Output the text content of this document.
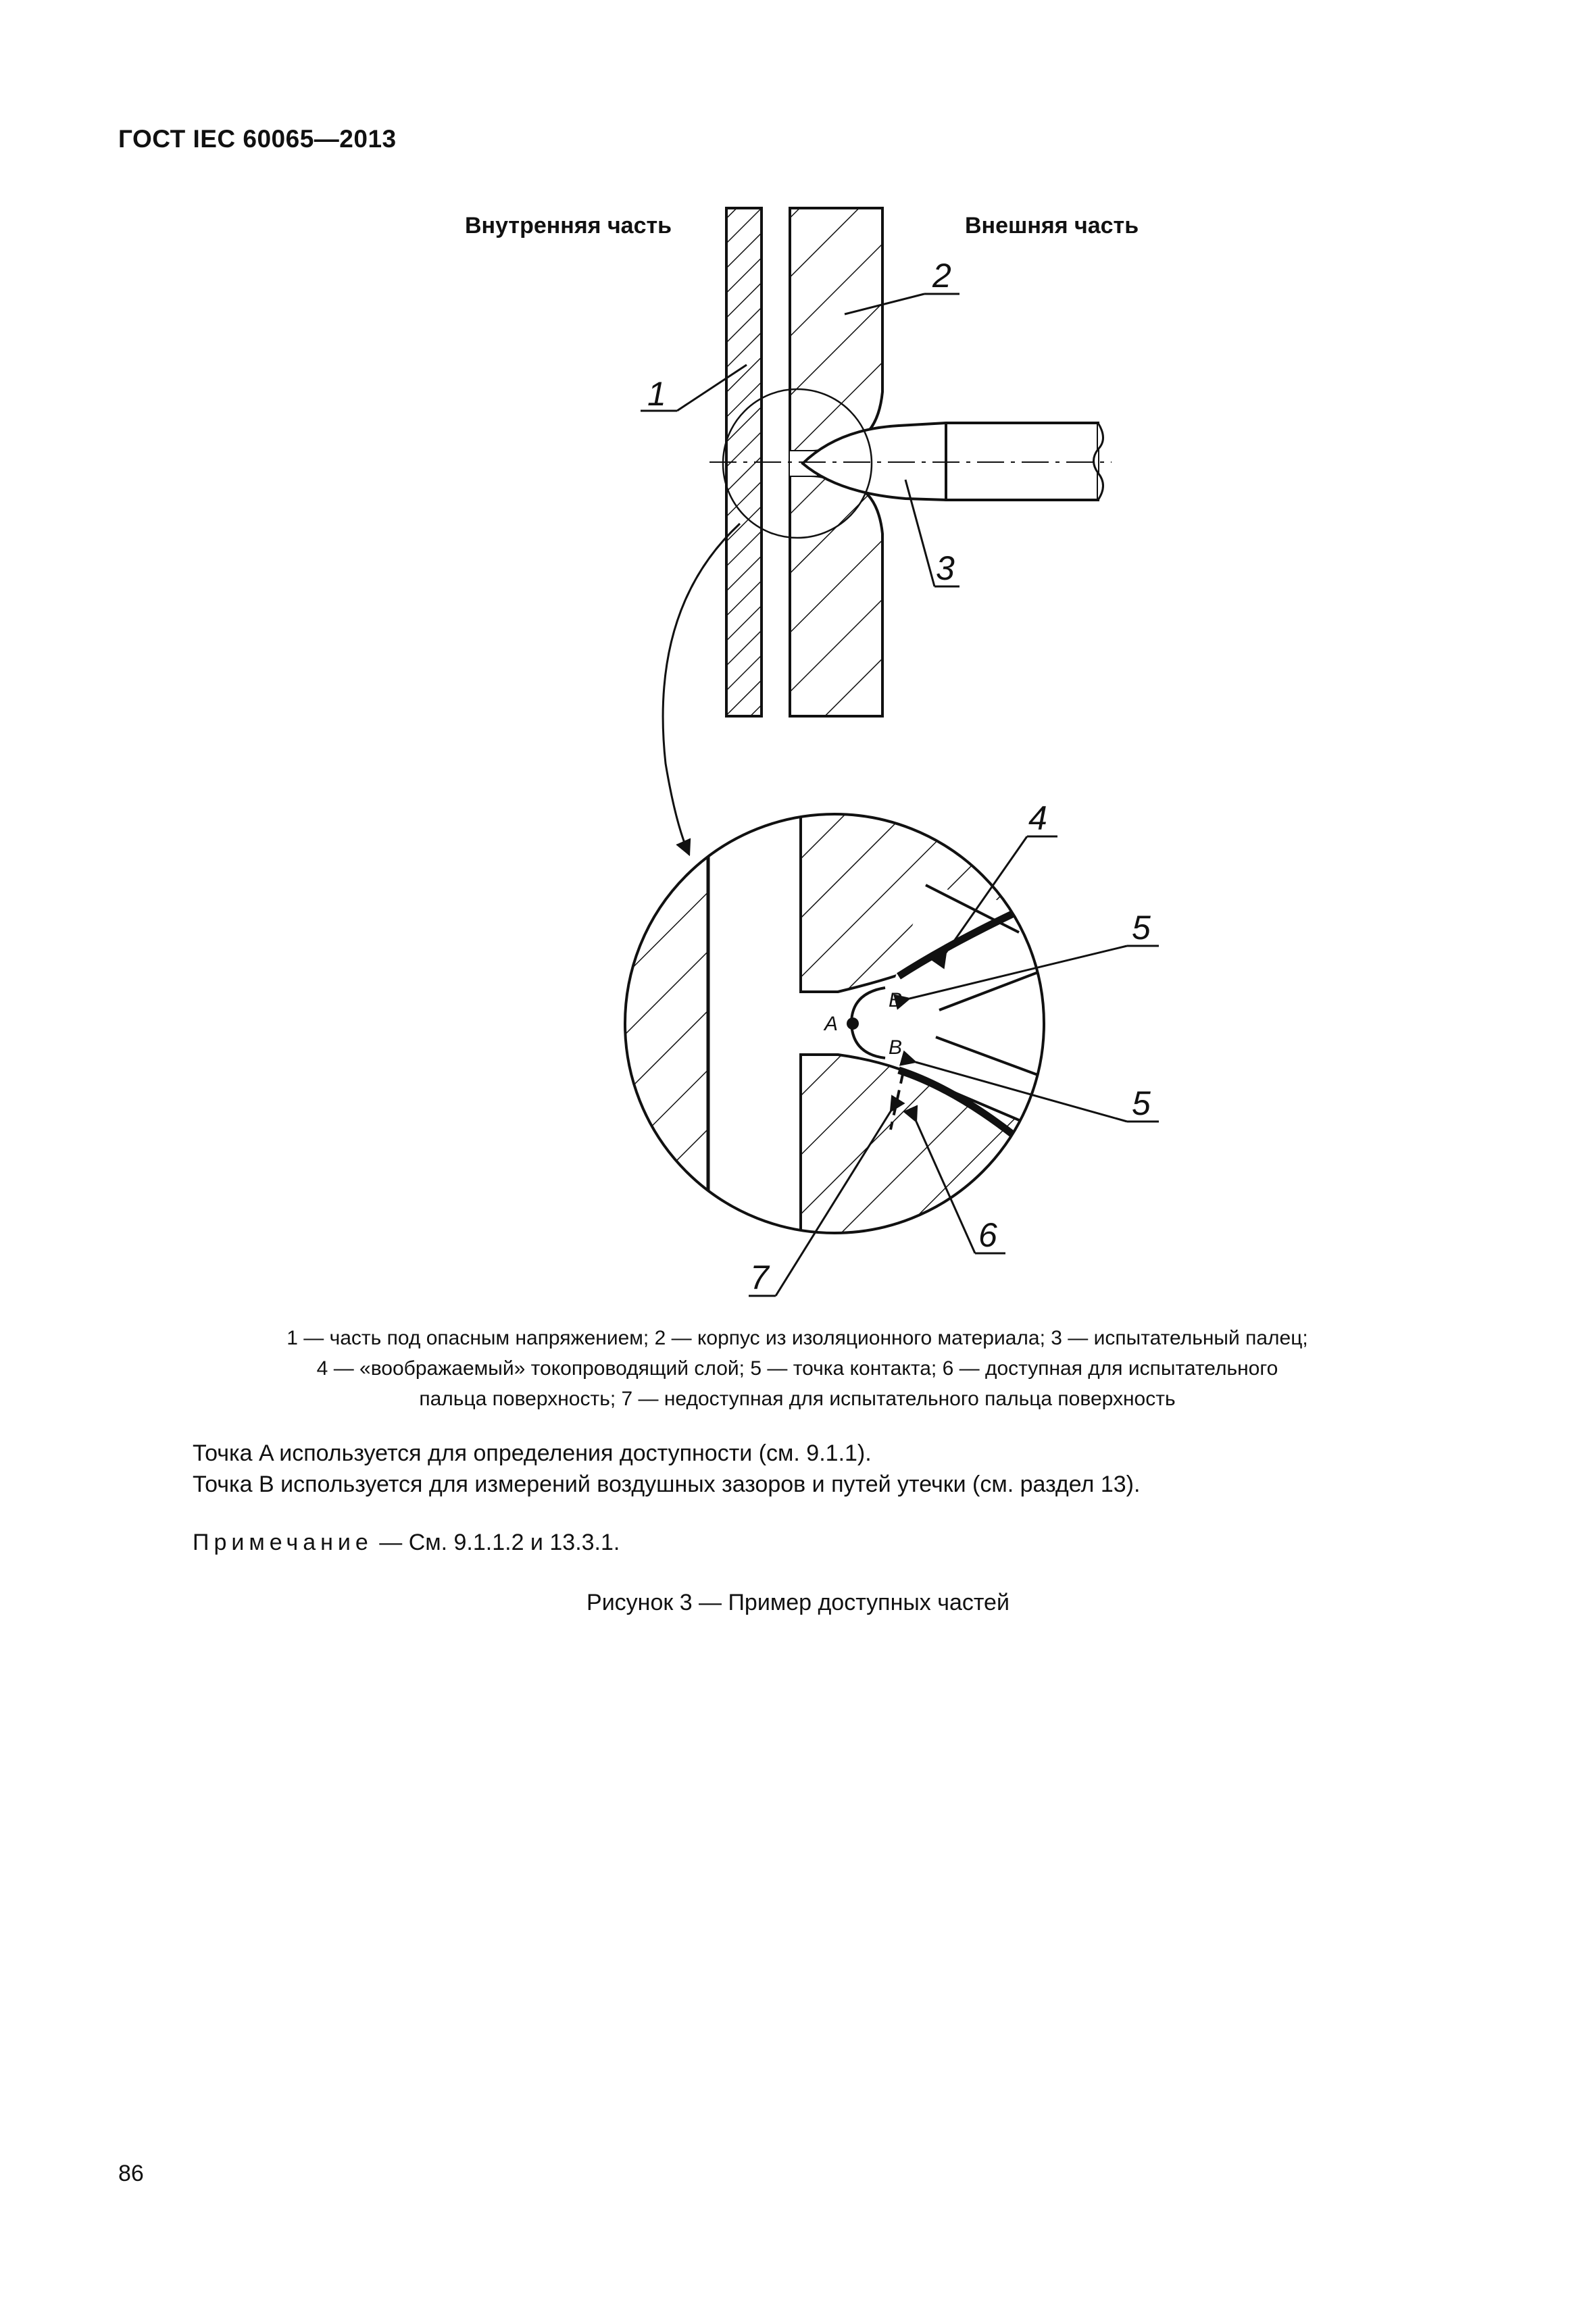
ГОСТ IEC 60065—2013
Внутренняя часть	Внешняя часть
1
2
3
A
B
B
4
5
5
6
7
1 — часть под опасным напряжением; 2 — корпус из изоляционного материала; 3 — испытательный палец;
4 — «воображаемый» токопроводящий слой; 5 — точка контакта; 6 — доступная для испытательного
пальца поверхность; 7 — недоступная для испытательного пальца поверхность
Точка A используется для определения доступности (см. 9.1.1).
Точка B используется для измерений воздушных зазоров и путей утечки (см. раздел 13).
Примечание — См. 9.1.1.2 и 13.3.1.
Рисунок 3 — Пример доступных частей
86
